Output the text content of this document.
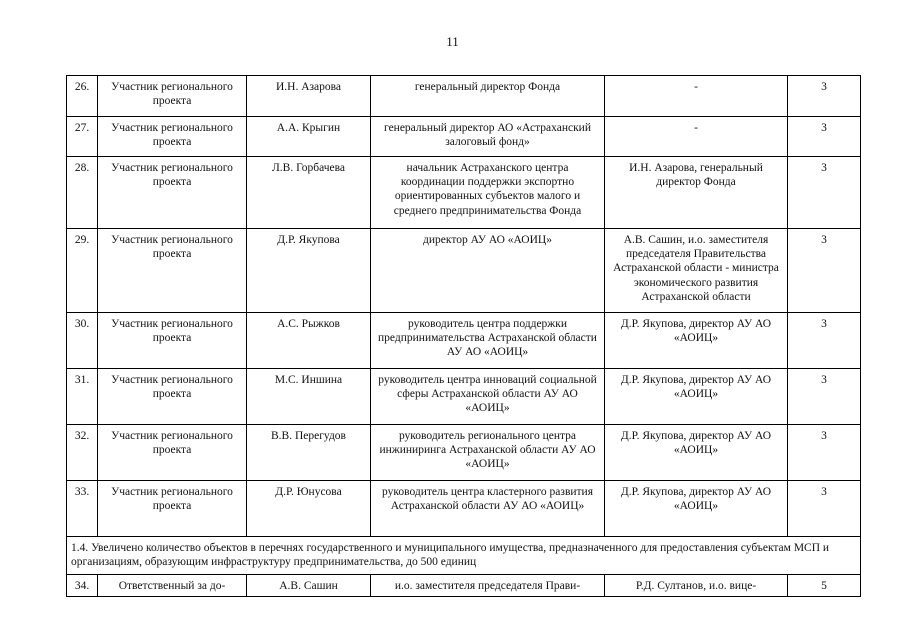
11
26.	Участник регионального проекта	И.Н. Азарова	генеральный директор Фонда	-	3
27.	Участник регионального проекта	А.А. Крыгин	генеральный директор АО «Астраханский залоговый фонд»	-	3
28.	Участник регионального проекта	Л.В. Горбачева	начальник Астраханского центра координации поддержки экспортно ориентированных субъектов малого и среднего предпринимательства Фонда	И.Н. Азарова, генеральный директор Фонда	3
29.	Участник регионального проекта	Д.Р. Якупова	директор АУ АО «АОИЦ»	А.В. Сашин, и.о. заместителя председателя Правительства Астраханской области - министра экономического развития Астраханской области	3
30.	Участник регионального проекта	А.С. Рыжков	руководитель центра поддержки предпринимательства Астраханской области АУ АО «АОИЦ»	Д.Р. Якупова, директор АУ АО «АОИЦ»	3
31.	Участник регионального проекта	М.С. Иншина	руководитель центра инноваций социальной сферы Астраханской области АУ АО «АОИЦ»	Д.Р. Якупова, директор АУ АО «АОИЦ»	3
32.	Участник регионального проекта	В.В. Перегудов	руководитель регионального центра инжиниринга Астраханской области АУ АО «АОИЦ»	Д.Р. Якупова, директор АУ АО «АОИЦ»	3
33.	Участник регионального проекта	Д.Р. Юнусова	руководитель центра кластерного развития Астраханской области АУ АО «АОИЦ»	Д.Р. Якупова, директор АУ АО «АОИЦ»	3
1.4. Увеличено количество объектов в перечнях государственного и муниципального имущества, предназначенного для предоставления субъектам МСП и организациям, образующим инфраструктуру предпринимательства, до 500 единиц					
34.	Ответственный за до-	А.В. Сашин	и.о. заместителя председателя Прави-	Р.Д. Султанов, и.о. вице-	5
